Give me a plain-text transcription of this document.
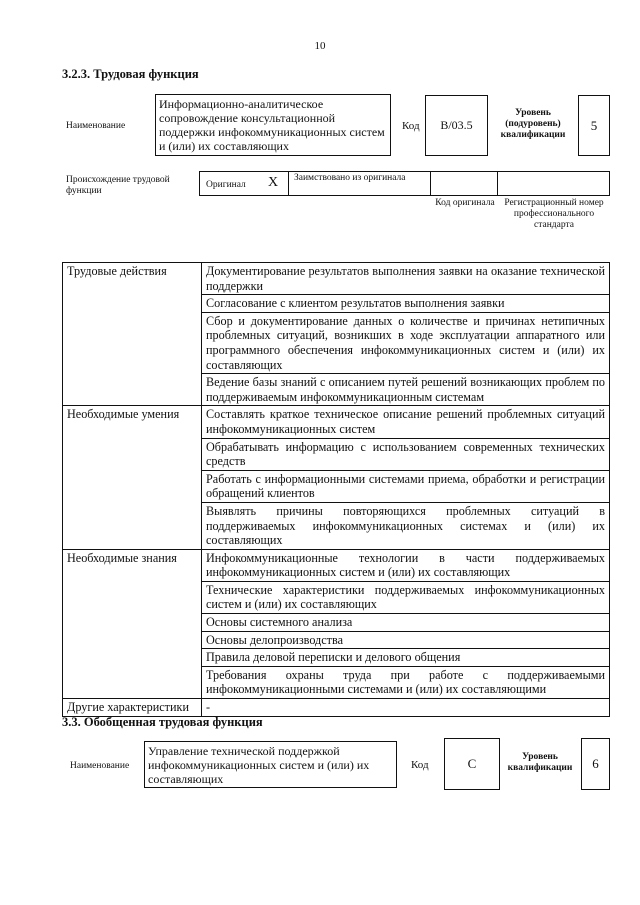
10
3.2.3. Трудовая функция
Наименование
Информационно-аналитическое сопровождение консультационной поддержки инфокоммуникационных систем и (или) их составляющих
Код B/03.5
Уровень (подуровень) квалификации
5
Происхождение трудовой функции
Оригинал X Заимствовано из оригинала
Код оригинала	Регистрационный номер профессионального стандарта
Трудовые действия	Документирование результатов выполнения заявки на оказание технической поддержки
	Согласование с клиентом результатов выполнения заявки
	Сбор и документирование данных о количестве и причинах нетипичных проблемных ситуаций, возникших в ходе эксплуатации аппаратного или программного обеспечения инфокоммуникационных систем и (или) их составляющих
	Ведение базы знаний с описанием путей решений возникающих проблем по поддерживаемым инфокоммуникационным системам
Необходимые умения	Составлять краткое техническое описание решений проблемных ситуаций инфокоммуникационных систем
	Обрабатывать информацию с использованием современных технических средств
	Работать с информационными системами приема, обработки и регистрации обращений клиентов
	Выявлять причины повторяющихся проблемных ситуаций в поддерживаемых инфокоммуникационных системах и (или) их составляющих
Необходимые знания	Инфокоммуникационные технологии в части поддерживаемых инфокоммуникационных систем и (или) их составляющих
	Технические характеристики поддерживаемых инфокоммуникационных систем и (или) их составляющих
	Основы системного анализа
	Основы делопроизводства
	Правила деловой переписки и делового общения
	Требования охраны труда при работе с поддерживаемыми инфокоммуникационными системами и (или) их составляющими
Другие характеристики	-
3.3. Обобщенная трудовая функция
Наименование
Управление технической поддержкой инфокоммуникационных систем и (или) их составляющих
Код	C	Уровень квалификации 6
